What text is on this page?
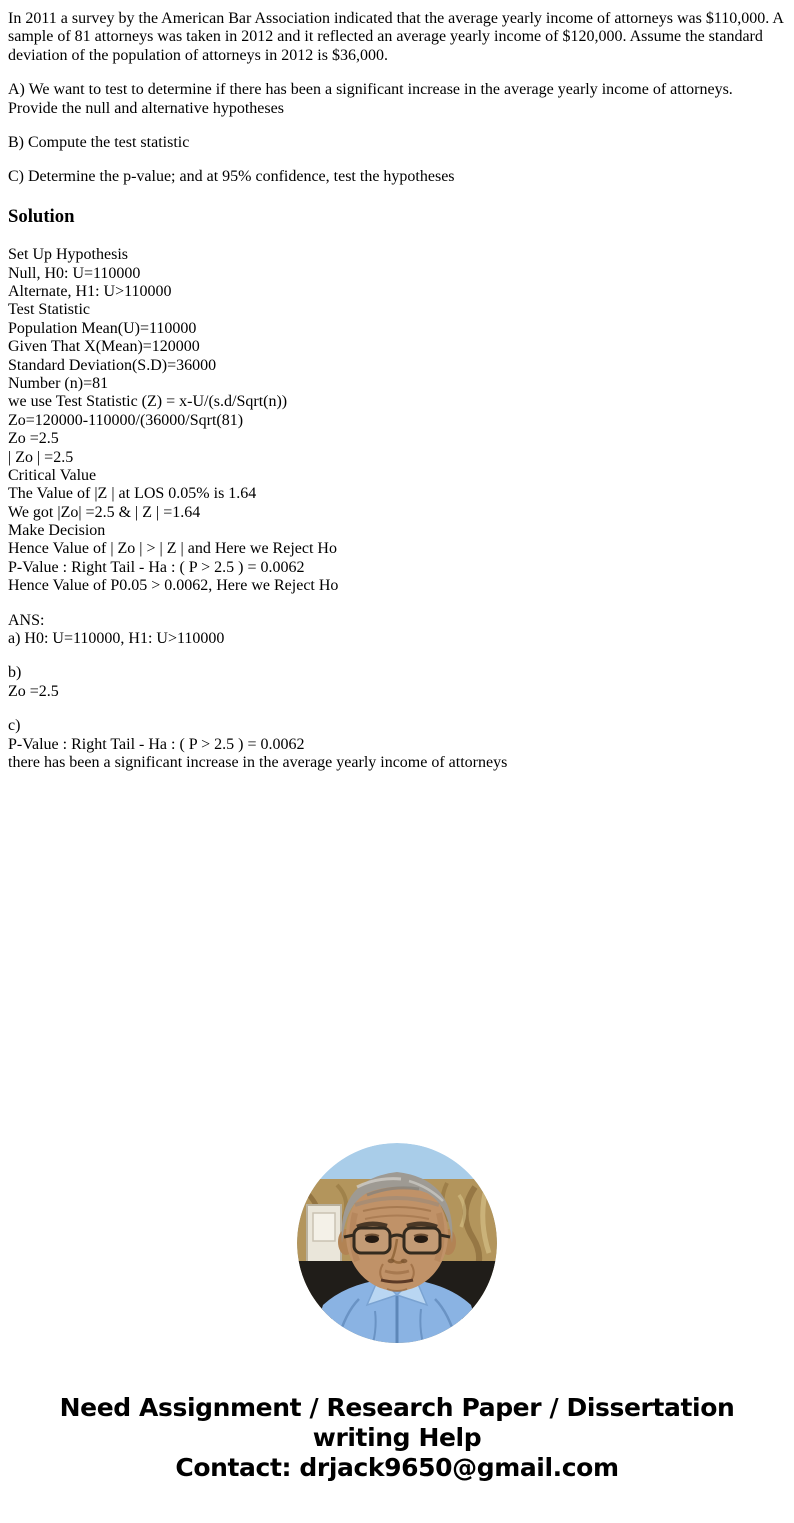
In 2011 a survey by the American Bar Association indicated that the average yearly income of attorneys was $110,000. A sample of 81 attorneys was taken in 2012 and it reflected an average yearly income of $120,000. Assume the standard deviation of the population of attorneys in 2012 is $36,000.

A) We want to test to determine if there has been a significant increase in the average yearly income of attorneys. Provide the null and alternative hypotheses

B) Compute the test statistic

C) Determine the p-value; and at 95% confidence, test the hypotheses

Solution
Set Up Hypothesis
Null, H0: U=110000
Alternate, H1: U>110000
Test Statistic
Population Mean(U)=110000
Given That X(Mean)=120000
Standard Deviation(S.D)=36000
Number (n)=81
we use Test Statistic (Z) = x-U/(s.d/Sqrt(n))
Zo=120000-110000/(36000/Sqrt(81)
Zo =2.5
| Zo | =2.5
Critical Value
The Value of |Z | at LOS 0.05% is 1.64
We got |Zo| =2.5 & | Z | =1.64
Make Decision
Hence Value of | Zo | > | Z | and Here we Reject Ho
P-Value : Right Tail - Ha : ( P > 2.5 ) = 0.0062
Hence Value of P0.05 > 0.0062, Here we Reject Ho
ANS:
a) H0: U=110000, H1: U>110000
b)
Zo =2.5
c)
P-Value : Right Tail - Ha : ( P > 2.5 ) = 0.0062
there has been a significant increase in the average yearly income of attorneys
Need Assignment / Research Paper / Dissertation writing Help
Contact: drjack9650@gmail.com
